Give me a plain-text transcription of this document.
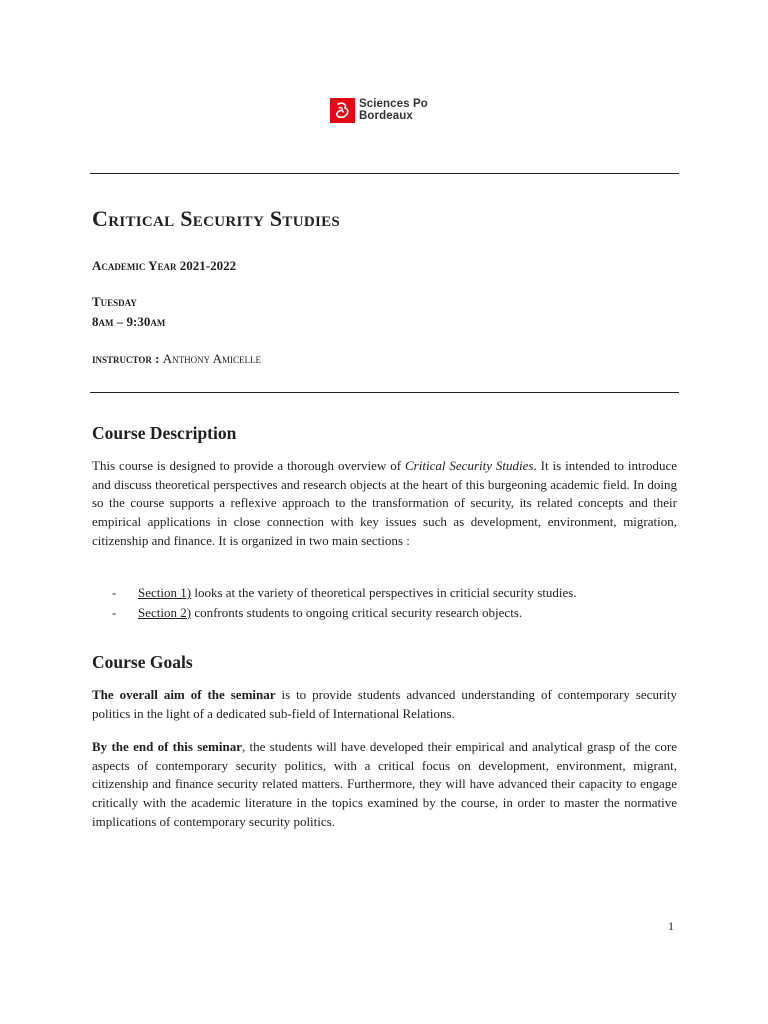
Sciences Po
Bordeaux
Critical Security Studies

Academic Year 2021-2022

Tuesday

8am – 9:30am

instructor : Anthony Amicelle

Course Description

This course is designed to provide a thorough overview of Critical Security Studies. It is intended to introduce and discuss theoretical perspectives and research objects at the heart of this burgeoning academic field. In doing so the course supports a reflexive approach to the transformation of security, its related concepts and their empirical applications in close connection with key issues such as development, environment, migration, citizenship and finance. It is organized in two main sections :

-	Section 1) looks at the variety of theoretical perspectives in criticial security studies.
-	Section 2) confronts students to ongoing critical security research objects.
Course Goals

The overall aim of the seminar is to provide students advanced understanding of contemporary security politics in the light of a dedicated sub-field of International Relations.

By the end of this seminar, the students will have developed their empirical and analytical grasp of the core aspects of contemporary security politics, with a critical focus on development, environment, migrant, citizenship and finance security related matters. Furthermore, they will have advanced their capacity to engage critically with the academic literature in the topics examined by the course, in order to master the normative implications of contemporary security politics.

1
